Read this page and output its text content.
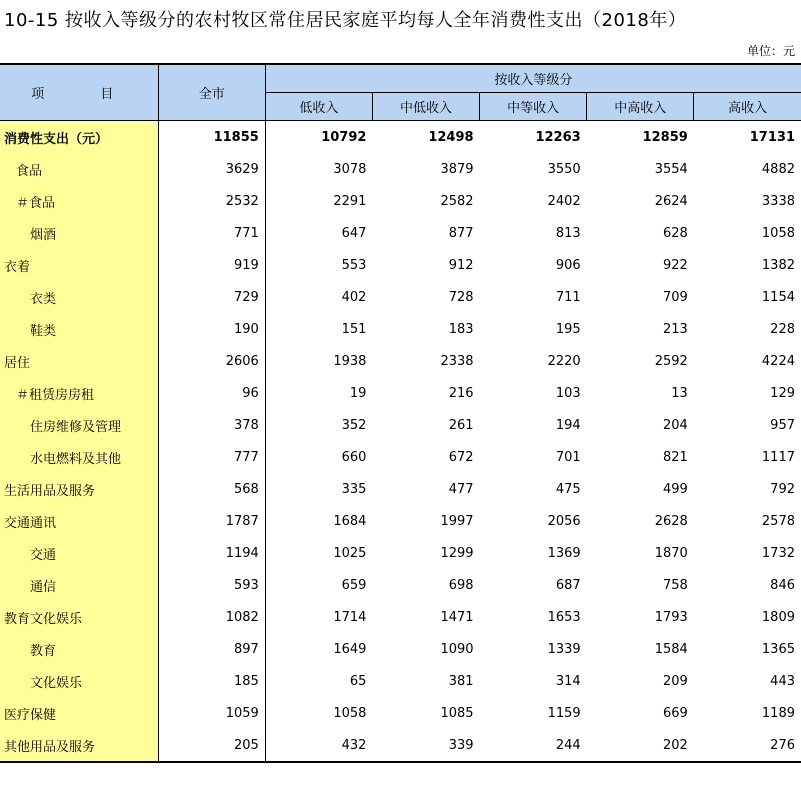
10-15 按收入等级分的农村牧区常住居民家庭平均每人全年消费性支出（2018年）
单位：元
项 目	全市	按收入等级分				
		低收入	中低收入	中等收入	中高收入	高收入
消费性支出（元）	11855	10792	12498	12263	12859	17131
食品	3629	3078	3879	3550	3554	4882
＃食品	2532	2291	2582	2402	2624	3338
烟酒	771	647	877	813	628	1058
衣着	919	553	912	906	922	1382
衣类	729	402	728	711	709	1154
鞋类	190	151	183	195	213	228
居住	2606	1938	2338	2220	2592	4224
＃租赁房房租	96	19	216	103	13	129
住房维修及管理	378	352	261	194	204	957
水电燃料及其他	777	660	672	701	821	1117
生活用品及服务	568	335	477	475	499	792
交通通讯	1787	1684	1997	2056	2628	2578
交通	1194	1025	1299	1369	1870	1732
通信	593	659	698	687	758	846
教育文化娱乐	1082	1714	1471	1653	1793	1809
教育	897	1649	1090	1339	1584	1365
文化娱乐	185	65	381	314	209	443
医疗保健	1059	1058	1085	1159	669	1189
其他用品及服务	205	432	339	244	202	276
